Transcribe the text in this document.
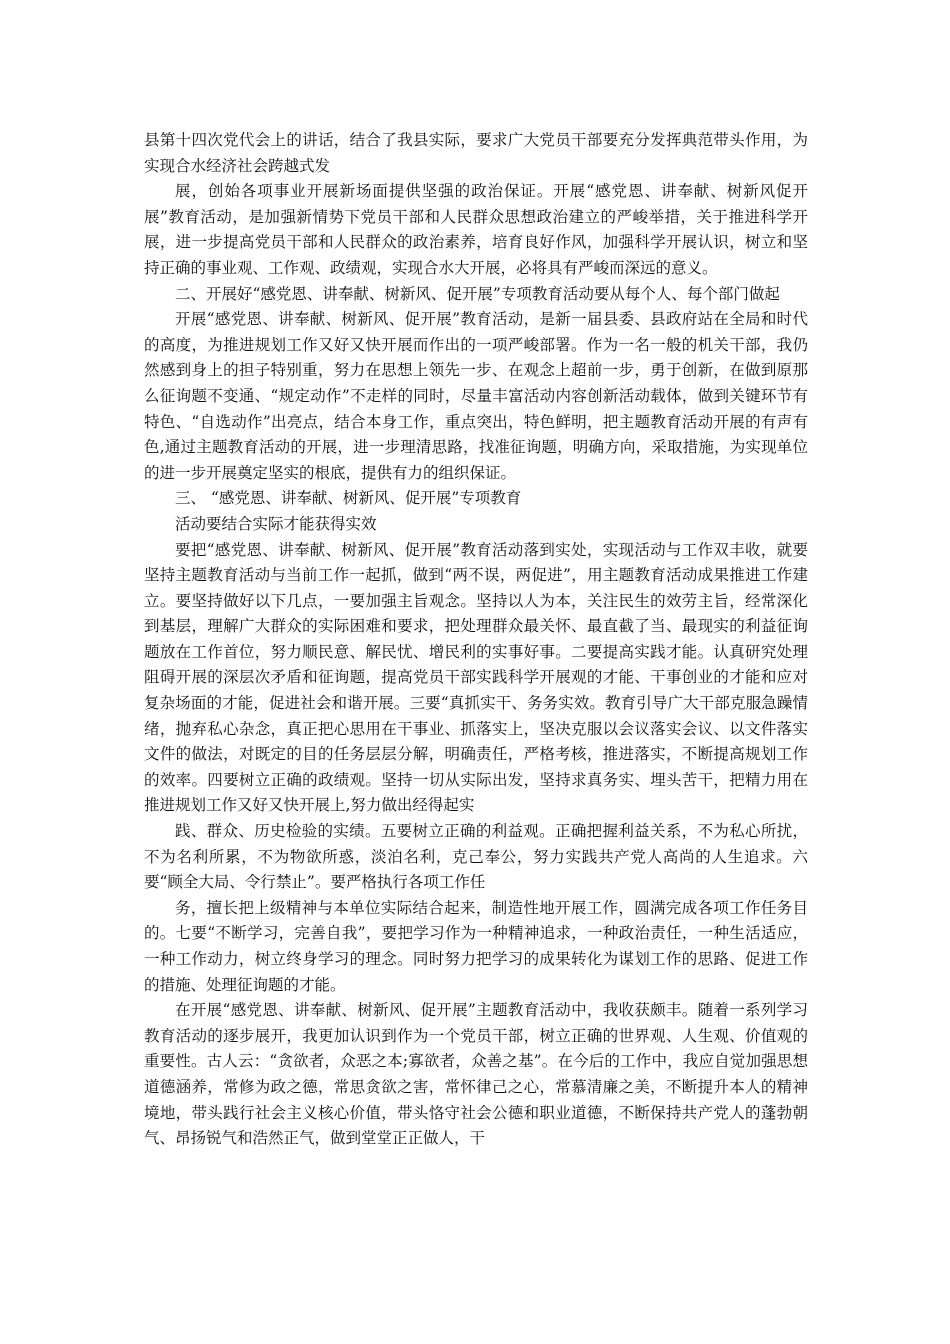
县第十四次党代会上的讲话，结合了我县实际，要求广大党员干部要充分发挥典范带头作用，为实现合水经济社会跨越式发

展，创始各项事业开展新场面提供坚强的政治保证。开展“感党恩、讲奉献、树新风促开展”教育活动，是加强新情势下党员干部和人民群众思想政治建立的严峻举措，关于推进科学开展，进一步提高党员干部和人民群众的政治素养，培育良好作风，加强科学开展认识，树立和坚持正确的事业观、工作观、政绩观，实现合水大开展，必将具有严峻而深远的意义。

二、开展好“感党恩、讲奉献、树新风、促开展”专项教育活动要从每个人、每个部门做起

开展“感党恩、讲奉献、树新风、促开展”教育活动，是新一届县委、县政府站在全局和时代的高度，为推进规划工作又好又快开展而作出的一项严峻部署。作为一名一般的机关干部，我仍然感到身上的担子特别重，努力在思想上领先一步、在观念上超前一步，勇于创新，在做到原那么征询题不变通、“规定动作”不走样的同时，尽量丰富活动内容创新活动载体，做到关键环节有特色、“自选动作”出亮点，结合本身工作，重点突出，特色鲜明，把主题教育活动开展的有声有色,通过主题教育活动的开展，进一步理清思路，找准征询题，明确方向，采取措施，为实现单位的进一步开展奠定坚实的根底，提供有力的组织保证。

三、 “感党恩、讲奉献、树新风、促开展”专项教育

活动要结合实际才能获得实效

要把“感党恩、讲奉献、树新风、促开展”教育活动落到实处，实现活动与工作双丰收，就要坚持主题教育活动与当前工作一起抓，做到“两不误，两促进”，用主题教育活动成果推进工作建立。要坚持做好以下几点，一要加强主旨观念。坚持以人为本，关注民生的效劳主旨，经常深化到基层，理解广大群众的实际困难和要求，把处理群众最关怀、最直截了当、最现实的利益征询题放在工作首位，努力顺民意、解民忧、增民利的实事好事。二要提高实践才能。认真研究处理阻碍开展的深层次矛盾和征询题，提高党员干部实践科学开展观的才能、干事创业的才能和应对复杂场面的才能，促进社会和谐开展。三要“真抓实干、务务实效。教育引导广大干部克服急躁情绪，抛弃私心杂念，真正把心思用在干事业、抓落实上，坚决克服以会议落实会议、以文件落实文件的做法，对既定的目的任务层层分解，明确责任，严格考核，推进落实，不断提高规划工作的效率。四要树立正确的政绩观。坚持一切从实际出发，坚持求真务实、埋头苦干，把精力用在推进规划工作又好又快开展上,努力做出经得起实

践、群众、历史检验的实绩。五要树立正确的利益观。正确把握利益关系，不为私心所扰，不为名利所累，不为物欲所惑，淡泊名利，克己奉公，努力实践共产党人高尚的人生追求。六要“顾全大局、令行禁止”。要严格执行各项工作任

务，擅长把上级精神与本单位实际结合起来，制造性地开展工作，圆满完成各项工作任务目的。七要“不断学习，完善自我”，要把学习作为一种精神追求，一种政治责任，一种生活适应，一种工作动力，树立终身学习的理念。同时努力把学习的成果转化为谋划工作的思路、促进工作的措施、处理征询题的才能。

在开展“感党恩、讲奉献、树新风、促开展”主题教育活动中，我收获颇丰。随着一系列学习教育活动的逐步展开，我更加认识到作为一个党员干部，树立正确的世界观、人生观、价值观的重要性。古人云：“贪欲者，众恶之本;寡欲者，众善之基”。在今后的工作中，我应自觉加强思想道德涵养，常修为政之德，常思贪欲之害，常怀律己之心，常慕清廉之美，不断提升本人的精神境地，带头践行社会主义核心价值，带头恪守社会公德和职业道德，不断保持共产党人的蓬勃朝气、昂扬锐气和浩然正气，做到堂堂正正做人，干
